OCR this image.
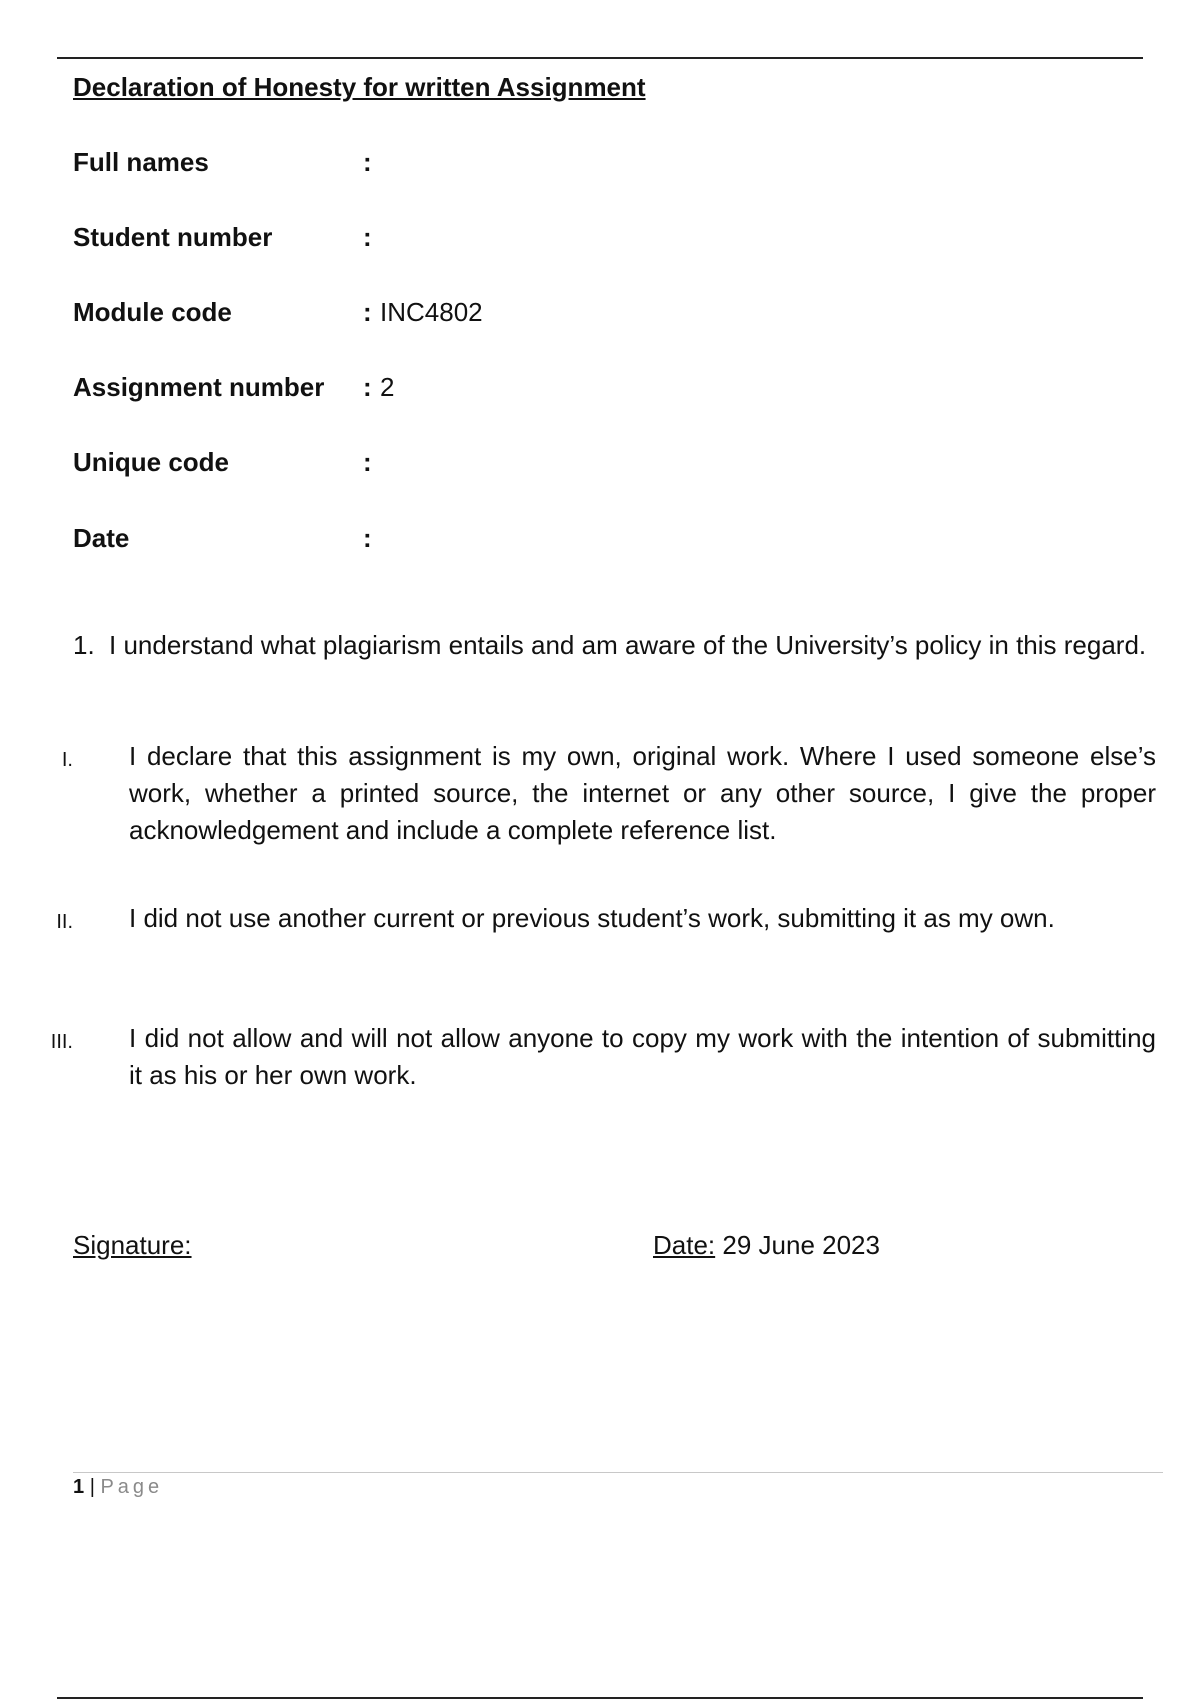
Declaration of Honesty for written Assignment
Full names	:
Student number	:
Module code	: INC4802
Assignment number : 2
Unique code	:
Date	:
1. I understand what plagiarism entails and am aware of the University’s policy in this regard.
I. I declare that this assignment is my own, original work. Where I used someone else’s work, whether a printed source, the internet or any other source, I give the proper acknowledgement and include a complete reference list.
II. I did not use another current or previous student’s work, submitting it as my own.
III. I did not allow and will not allow anyone to copy my work with the intention of submitting it as his or her own work.
Signature:	Date: 29 June 2023
1 | Page
